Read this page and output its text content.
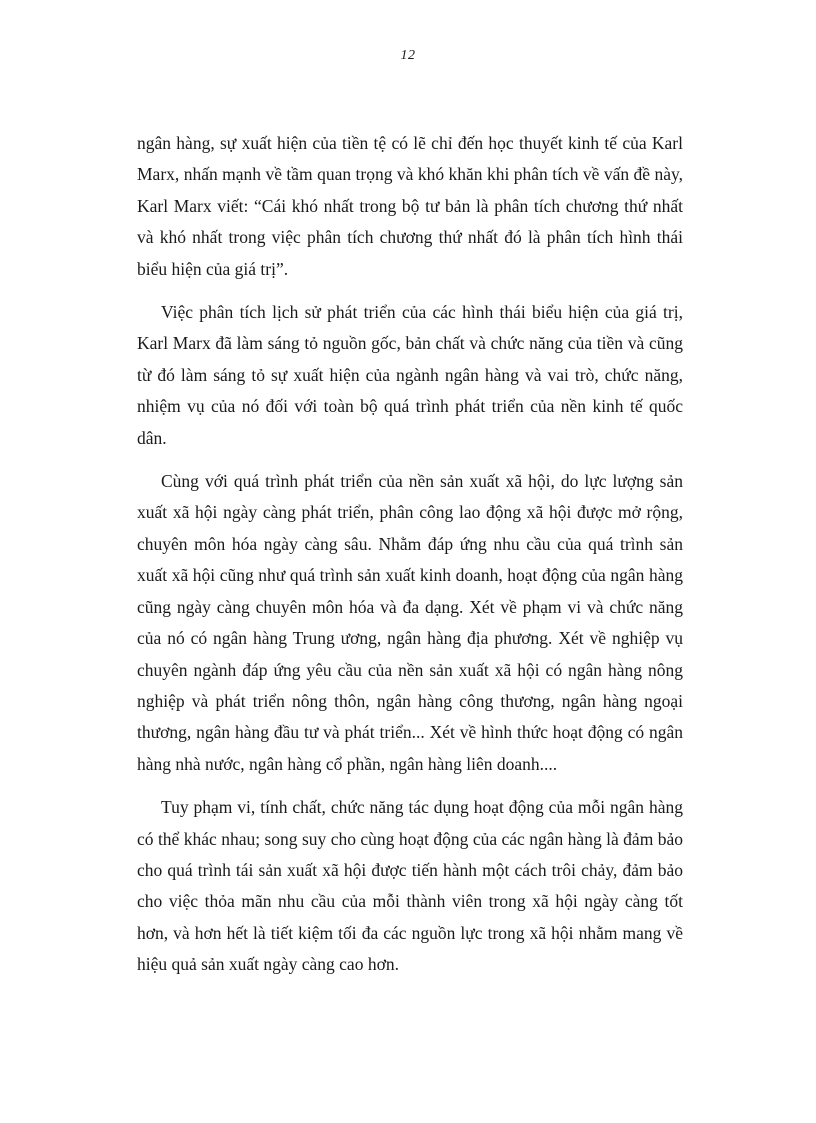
12

ngân hàng, sự xuất hiện của tiền tệ có lẽ chỉ đến học thuyết kinh tế của Karl Marx, nhấn mạnh về tầm quan trọng và khó khăn khi phân tích về vấn đề này, Karl Marx viết: “Cái khó nhất trong bộ tư bản là phân tích chương thứ nhất và khó nhất trong việc phân tích chương thứ nhất đó là phân tích hình thái biểu hiện của giá trị”.

Việc phân tích lịch sử phát triển của các hình thái biểu hiện của giá trị, Karl Marx đã làm sáng tỏ nguồn gốc, bản chất và chức năng của tiền và cũng từ đó làm sáng tỏ sự xuất hiện của ngành ngân hàng và vai trò, chức năng, nhiệm vụ của nó đối với toàn bộ quá trình phát triển của nền kinh tế quốc dân.

Cùng với quá trình phát triển của nền sản xuất xã hội, do lực lượng sản xuất xã hội ngày càng phát triển, phân công lao động xã hội được mở rộng, chuyên môn hóa ngày càng sâu. Nhằm đáp ứng nhu cầu của quá trình sản xuất xã hội cũng như quá trình sản xuất kinh doanh, hoạt động của ngân hàng cũng ngày càng chuyên môn hóa và đa dạng. Xét về phạm vi và chức năng của nó có ngân hàng Trung ương, ngân hàng địa phương. Xét về nghiệp vụ chuyên ngành đáp ứng yêu cầu của nền sản xuất xã hội có ngân hàng nông nghiệp và phát triển nông thôn, ngân hàng công thương, ngân hàng ngoại thương, ngân hàng đầu tư và phát triển... Xét về hình thức hoạt động có ngân hàng nhà nước, ngân hàng cổ phần, ngân hàng liên doanh....

Tuy phạm vi, tính chất, chức năng tác dụng hoạt động của mỗi ngân hàng có thể khác nhau; song suy cho cùng hoạt động của các ngân hàng là đảm bảo cho quá trình tái sản xuất xã hội được tiến hành một cách trôi chảy, đảm bảo cho việc thỏa mãn nhu cầu của mỗi thành viên trong xã hội ngày càng tốt hơn, và hơn hết là tiết kiệm tối đa các nguồn lực trong xã hội nhằm mang về hiệu quả sản xuất ngày càng cao hơn.
